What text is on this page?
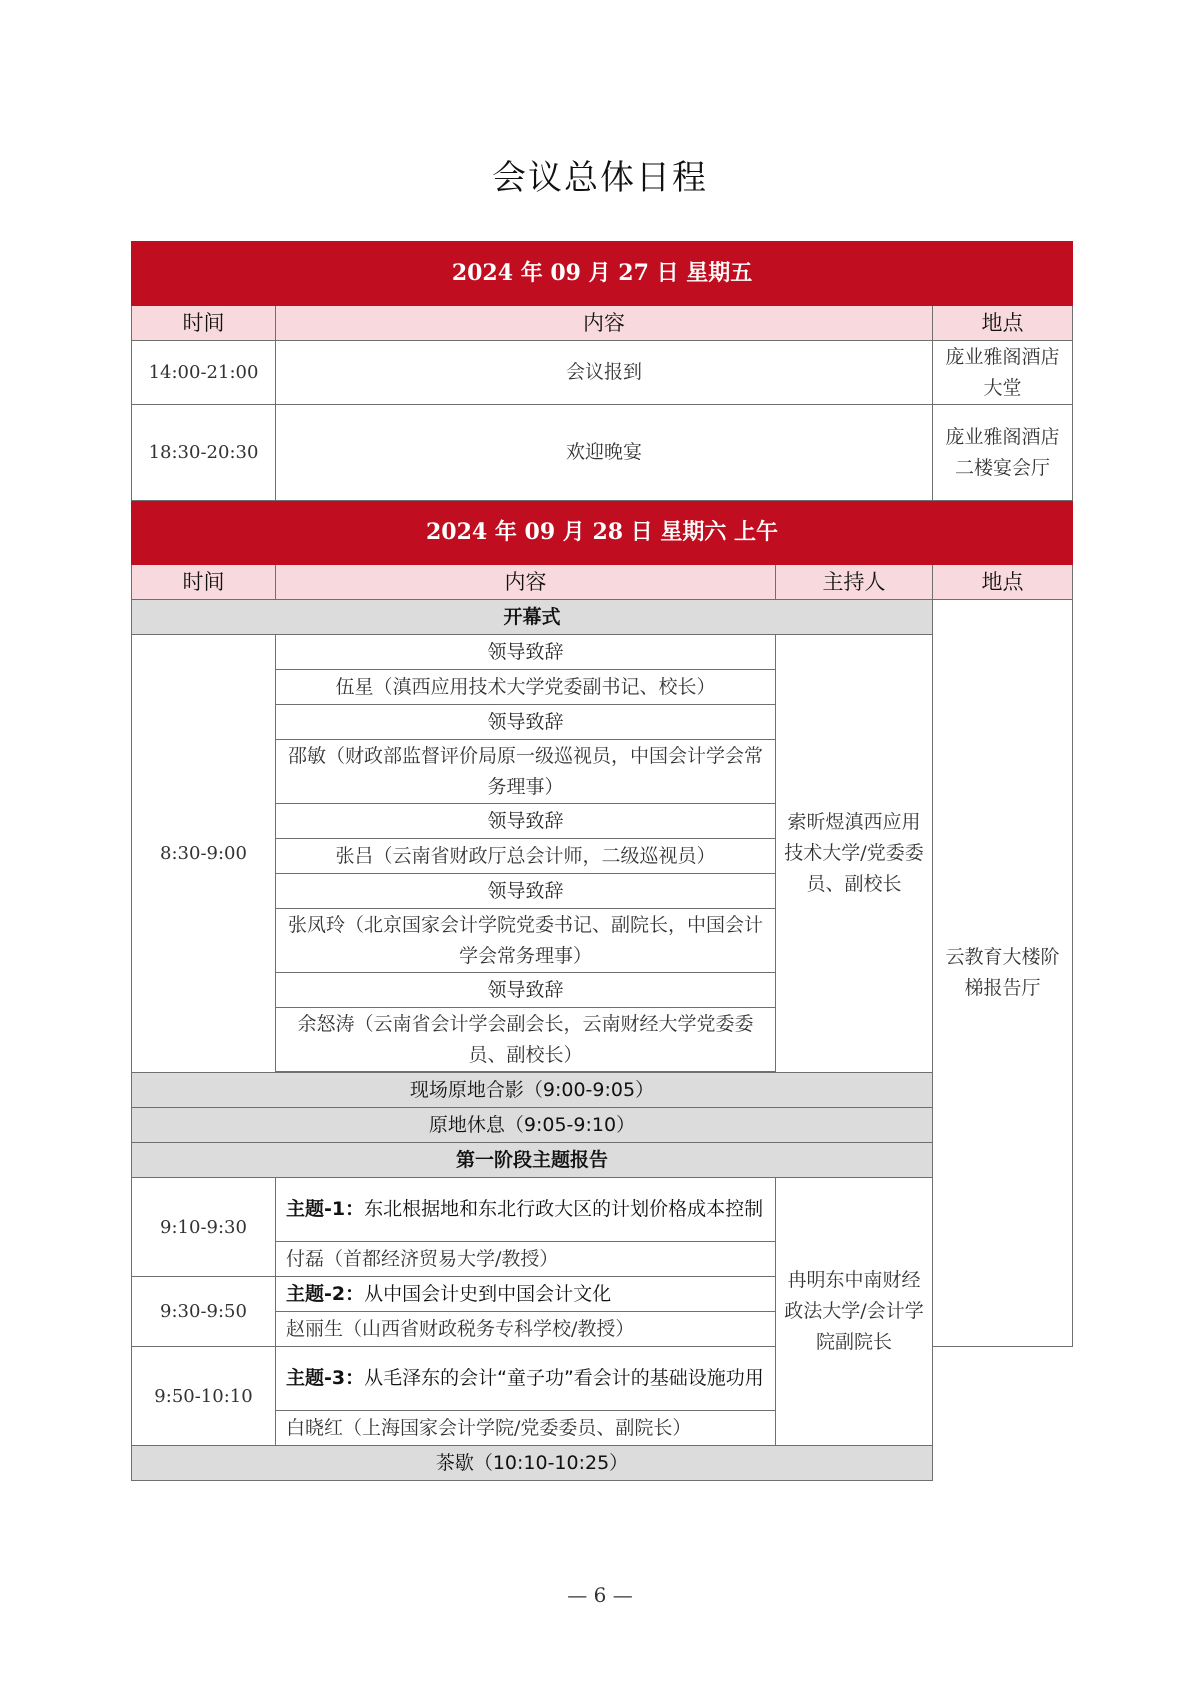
会议总体日程
2024 年 09 月 27 日 星期五			
时间	内容		地点
14:00-21:00	会议报到		庞业雅阁酒店大堂
18:30-20:30	欢迎晚宴		庞业雅阁酒店二楼宴会厅
2024 年 09 月 28 日 星期六 上午			
时间	内容	主持人	地点
开幕式			云教育大楼阶梯报告厅
8:30-9:00	领导致辞	索昕煜滇西应用技术大学/党委委员、副校长	
	伍星（滇西应用技术大学党委副书记、校长）		
	领导致辞		
	邵敏（财政部监督评价局原一级巡视员，中国会计学会常务理事）		
	领导致辞		
	张吕（云南省财政厅总会计师，二级巡视员）		
	领导致辞		
	张凤玲（北京国家会计学院党委书记、副院长，中国会计学会常务理事）		
	领导致辞		
	余怒涛（云南省会计学会副会长，云南财经大学党委委员、副校长）		

现场原地合影（9:00-9:05）			
原地休息（9:05-9:10）			
第一阶段主题报告			
9:10-9:30	主题-1：东北根据地和东北行政大区的计划价格成本控制	冉明东中南财经政法大学/会计学院副院长	
	付磊（首都经济贸易大学/教授）		
9:30-9:50	主题-2：从中国会计史到中国会计文化		
	赵丽生（山西省财政税务专科学校/教授）		
9:50-10:10	主题-3：从毛泽东的会计“童子功”看会计的基础设施功用		
	白晓红（上海国家会计学院/党委委员、副院长）		
茶歇（10:10-10:25）			
— 6 —
